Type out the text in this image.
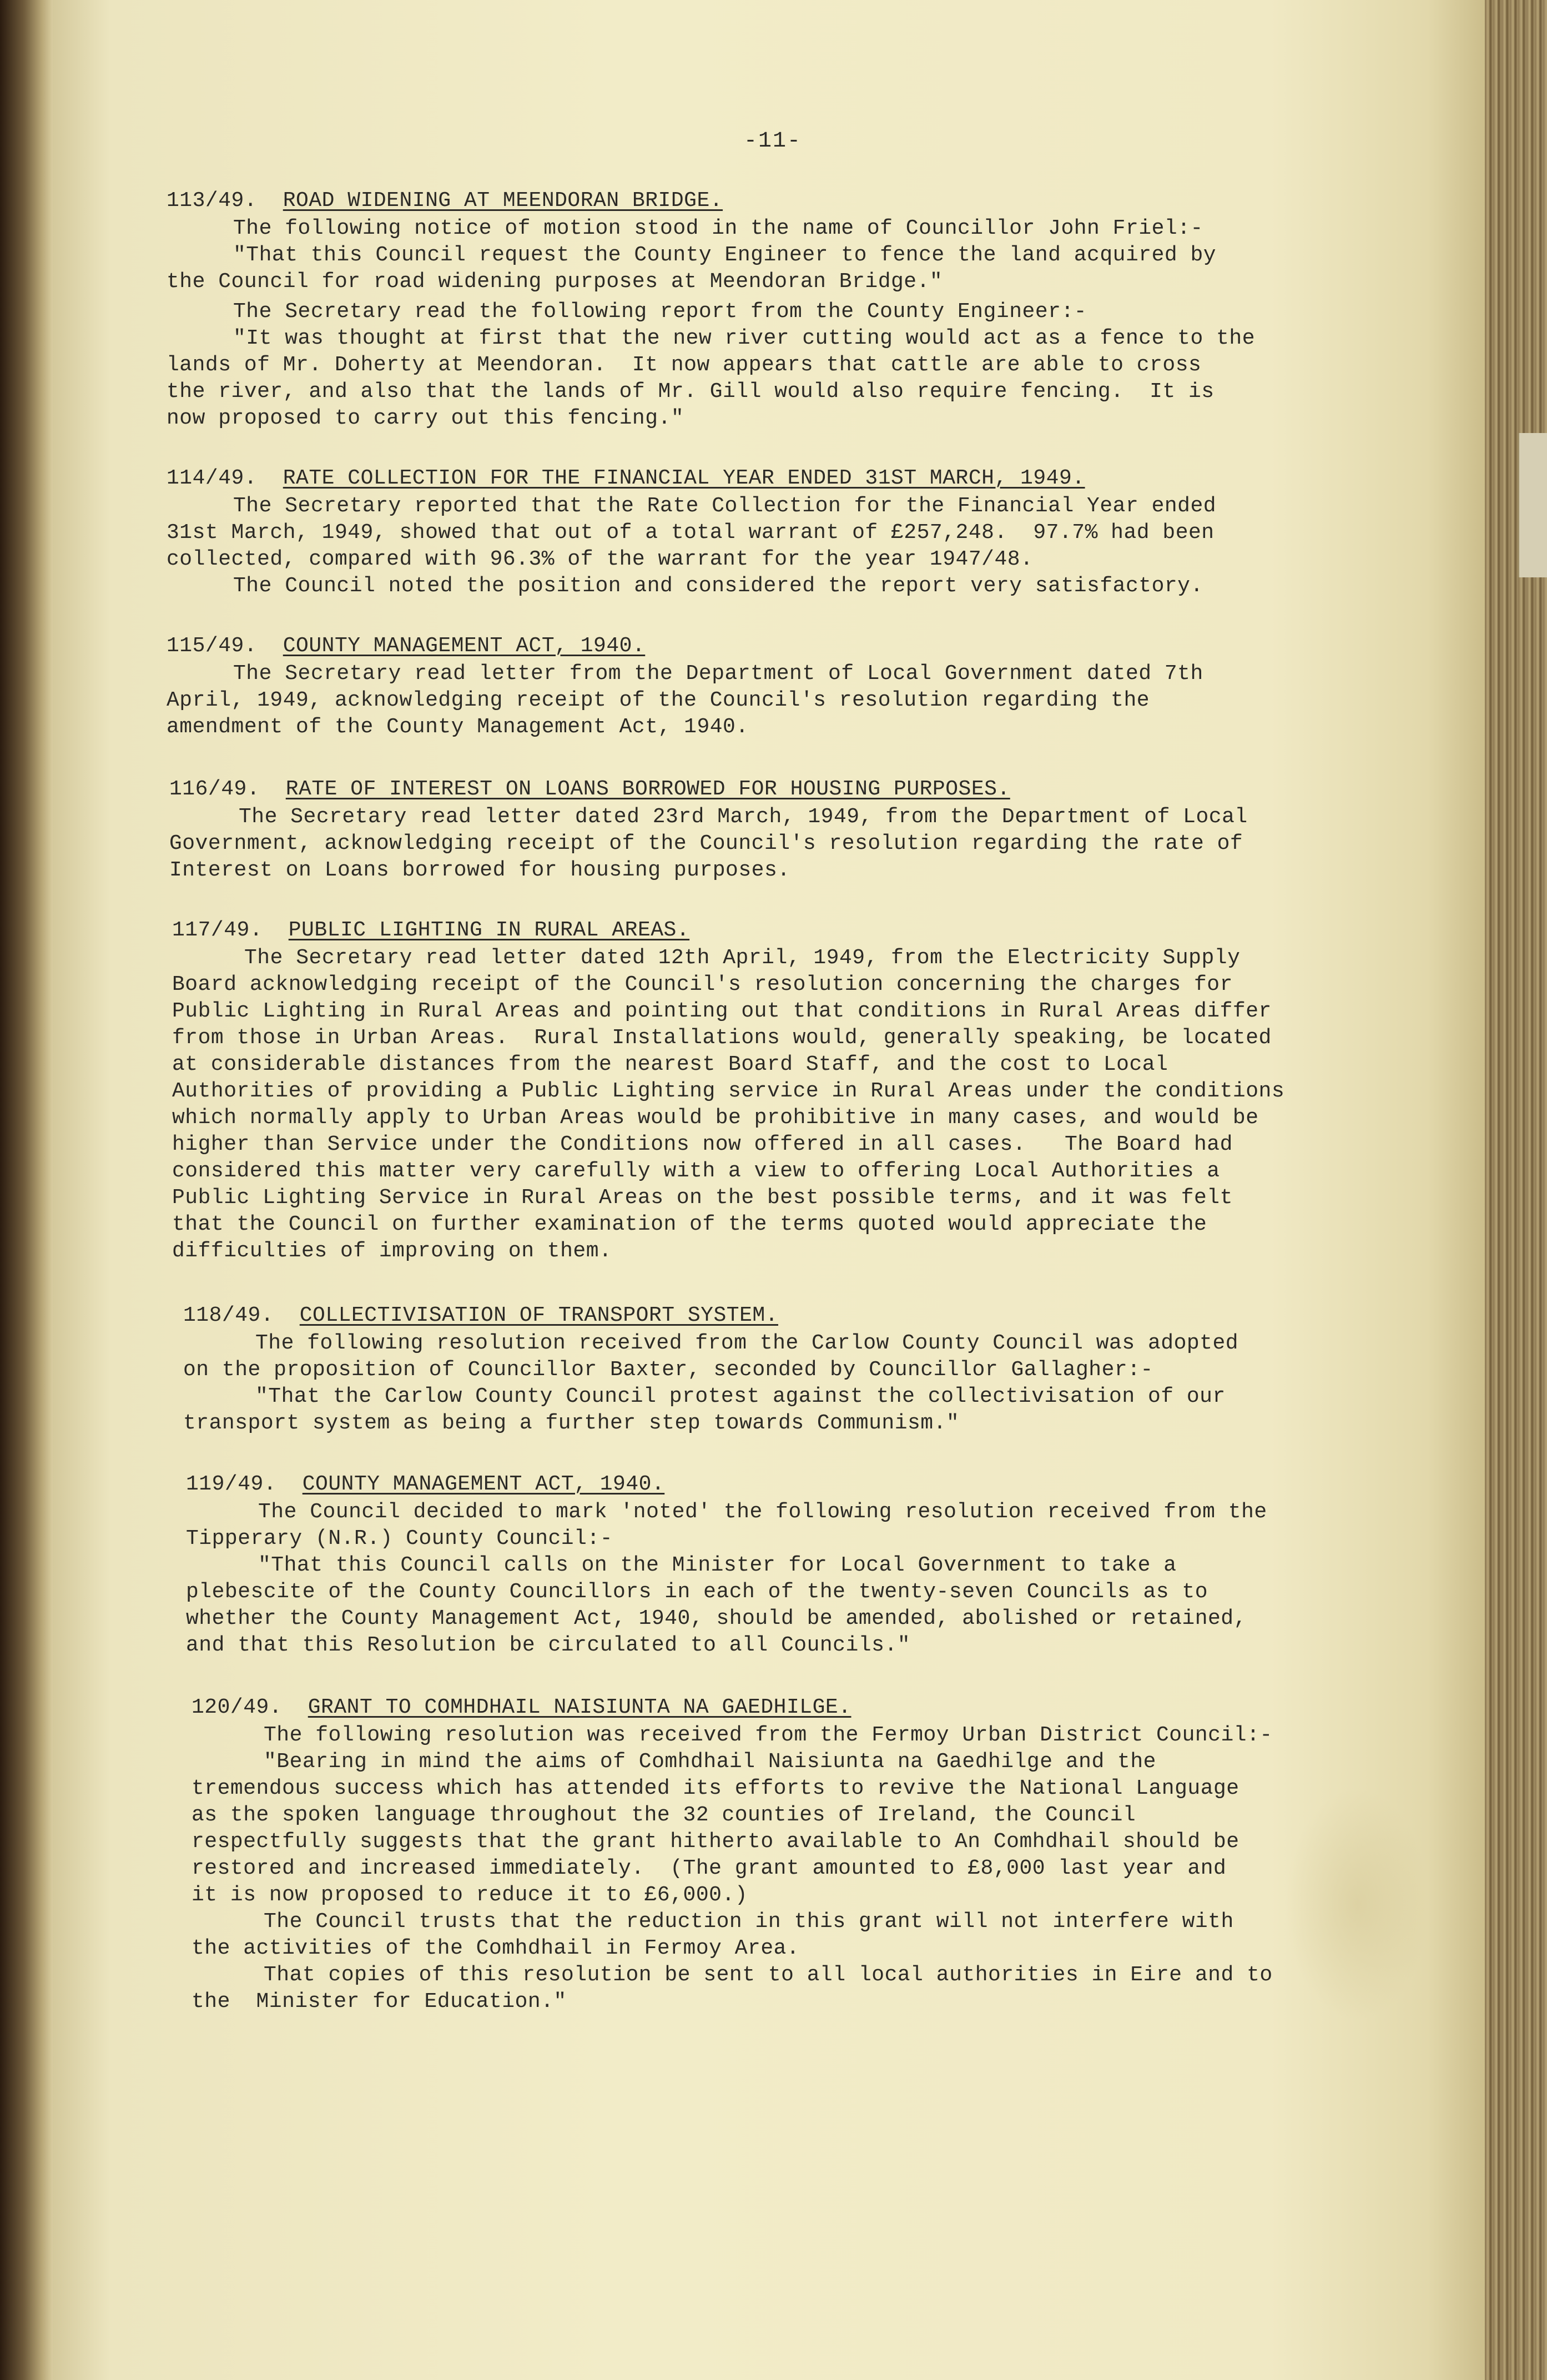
-11-
113/49. ROAD WIDENING AT MEENDORAN BRIDGE.
The following notice of motion stood in the name of Councillor John Friel:-
"That this Council request the County Engineer to fence the land acquired by
the Council for road widening purposes at Meendoran Bridge."
The Secretary read the following report from the County Engineer:-
"It was thought at first that the new river cutting would act as a fence to the
lands of Mr. Doherty at Meendoran.  It now appears that cattle are able to cross
the river, and also that the lands of Mr. Gill would also require fencing.  It is
now proposed to carry out this fencing."
114/49. RATE COLLECTION FOR THE FINANCIAL YEAR ENDED 31ST MARCH, 1949.
The Secretary reported that the Rate Collection for the Financial Year ended
31st March, 1949, showed that out of a total warrant of £257,248.  97.7% had been
collected, compared with 96.3% of the warrant for the year 1947/48.
The Council noted the position and considered the report very satisfactory.
115/49. COUNTY MANAGEMENT ACT, 1940.
The Secretary read letter from the Department of Local Government dated 7th
April, 1949, acknowledging receipt of the Council's resolution regarding the
amendment of the County Management Act, 1940.
116/49. RATE OF INTEREST ON LOANS BORROWED FOR HOUSING PURPOSES.
The Secretary read letter dated 23rd March, 1949, from the Department of Local
Government, acknowledging receipt of the Council's resolution regarding the rate of
Interest on Loans borrowed for housing purposes.
117/49. PUBLIC LIGHTING IN RURAL AREAS.
The Secretary read letter dated 12th April, 1949, from the Electricity Supply
Board acknowledging receipt of the Council's resolution concerning the charges for
Public Lighting in Rural Areas and pointing out that conditions in Rural Areas differ
from those in Urban Areas.  Rural Installations would, generally speaking, be located
at considerable distances from the nearest Board Staff, and the cost to Local
Authorities of providing a Public Lighting service in Rural Areas under the conditions
which normally apply to Urban Areas would be prohibitive in many cases, and would be
higher than Service under the Conditions now offered in all cases.   The Board had
considered this matter very carefully with a view to offering Local Authorities a
Public Lighting Service in Rural Areas on the best possible terms, and it was felt
that the Council on further examination of the terms quoted would appreciate the
difficulties of improving on them.
118/49. COLLECTIVISATION OF TRANSPORT SYSTEM.
The following resolution received from the Carlow County Council was adopted
on the proposition of Councillor Baxter, seconded by Councillor Gallagher:-
"That the Carlow County Council protest against the collectivisation of our
transport system as being a further step towards Communism."
119/49. COUNTY MANAGEMENT ACT, 1940.
The Council decided to mark 'noted' the following resolution received from the
Tipperary (N.R.) County Council:-
"That this Council calls on the Minister for Local Government to take a
plebescite of the County Councillors in each of the twenty-seven Councils as to
whether the County Management Act, 1940, should be amended, abolished or retained,
and that this Resolution be circulated to all Councils."
120/49. GRANT TO COMHDHAIL NAISIUNTA NA GAEDHILGE.
The following resolution was received from the Fermoy Urban District Council:-
"Bearing in mind the aims of Comhdhail Naisiunta na Gaedhilge and the
tremendous success which has attended its efforts to revive the National Language
as the spoken language throughout the 32 counties of Ireland, the Council
respectfully suggests that the grant hitherto available to An Comhdhail should be
restored and increased immediately.  (The grant amounted to £8,000 last year and
it is now proposed to reduce it to £6,000.)
The Council trusts that the reduction in this grant will not interfere with
the activities of the Comhdhail in Fermoy Area.
That copies of this resolution be sent to all local authorities in Eire and to
the  Minister for Education."
